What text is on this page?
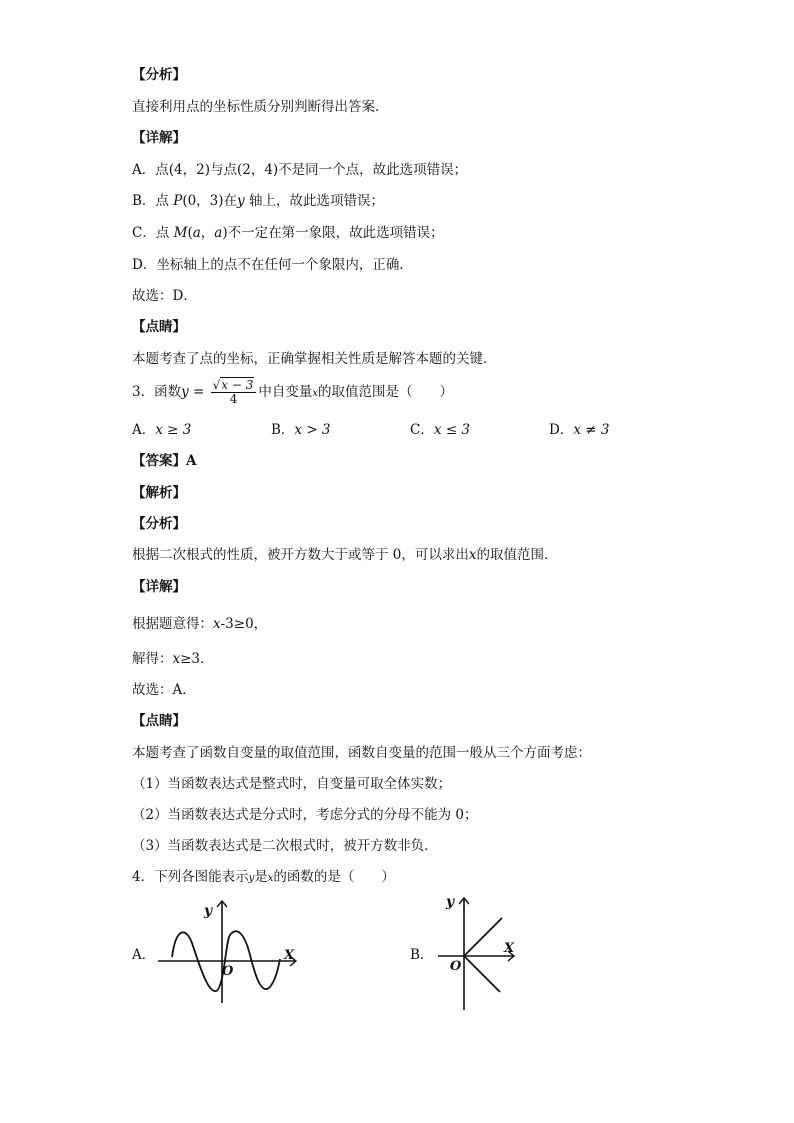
【分析】
直接利用点的坐标性质分别判断得出答案．
【详解】
A．点(4，2)与点(2，4)不是同一个点，故此选项错误；
B．点 P(0，3)在y 轴上，故此选项错误；
C．点 M(a，a)不一定在第一象限，故此选项错误；
D．坐标轴上的点不在任何一个象限内，正确．
故选：D．
【点睛】
本题考查了点的坐标，正确掌握相关性质是解答本题的关键．
3．函数$y = \frac{√x - 3}{4}$ 中自变量x的取值范围是（　　）
A．x ≥ 3	B．x > 3	C．x ≤ 3	D．x ≠ 3
【答案】A
【解析】
【分析】
根据二次根式的性质，被开方数大于或等于 0，可以求出x的取值范围．
【详解】
根据题意得：x-3≥0，
解得：x≥3．
故选：A．
【点睛】
本题考查了函数自变量的取值范围，函数自变量的范围一般从三个方面考虑：
（1）当函数表达式是整式时，自变量可取全体实数；
（2）当函数表达式是分式时，考虑分式的分母不能为 0；
（3）当函数表达式是二次根式时，被开方数非负．
4．下列各图能表示y是x的函数的是（　　）
A．
y
X
O
B．
y
X
O
